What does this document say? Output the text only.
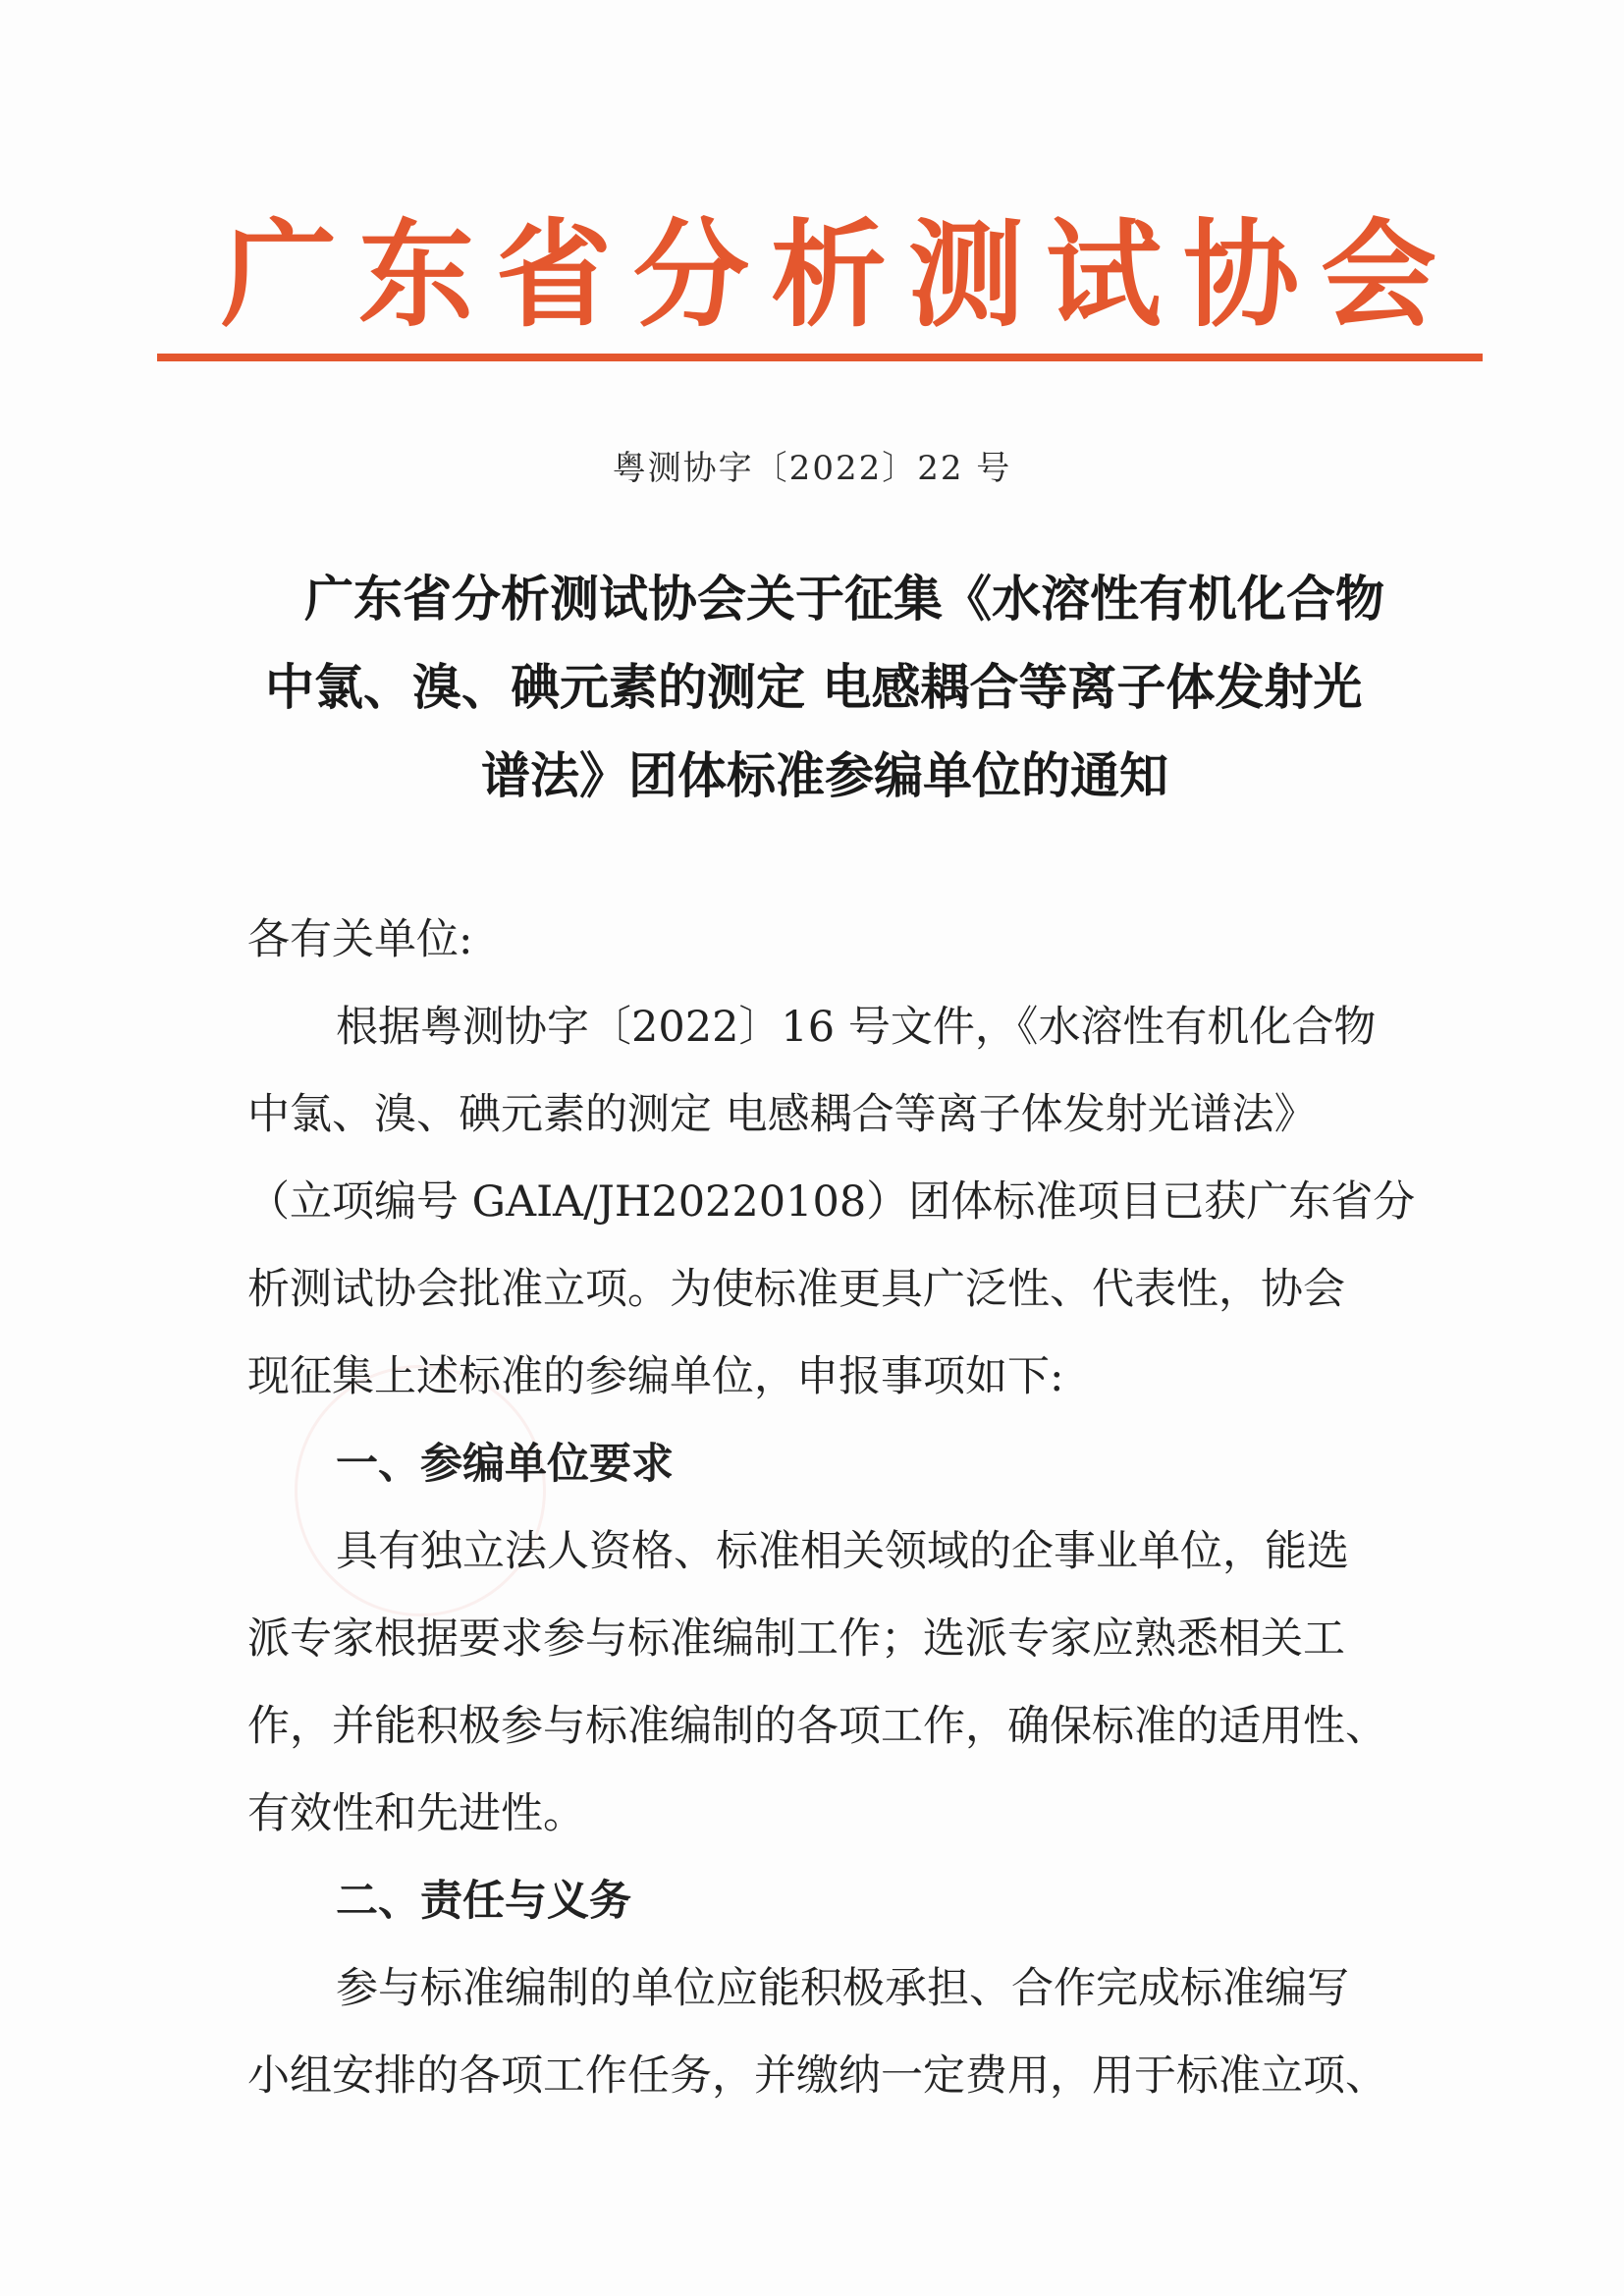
广东省分析测试协会
粤测协字〔2022〕22 号
广东省分析测试协会关于征集《水溶性有机化合物
中氯、溴、碘元素的测定 电感耦合等离子体发射光
谱法》团体标准参编单位的通知
各有关单位:
根据粤测协字〔2022〕16 号文件，《水溶性有机化合物
中氯、溴、碘元素的测定 电感耦合等离子体发射光谱法》
（立项编号 GAIA/JH20220108）团体标准项目已获广东省分
析测试协会批准立项。为使标准更具广泛性、代表性，协会
现征集上述标准的参编单位，申报事项如下:
一、参编单位要求
具有独立法人资格、标准相关领域的企事业单位，能选
派专家根据要求参与标准编制工作；选派专家应熟悉相关工
作，并能积极参与标准编制的各项工作，确保标准的适用性、
有效性和先进性。
二、责任与义务
参与标准编制的单位应能积极承担、合作完成标准编写
小组安排的各项工作任务，并缴纳一定费用，用于标准立项、
